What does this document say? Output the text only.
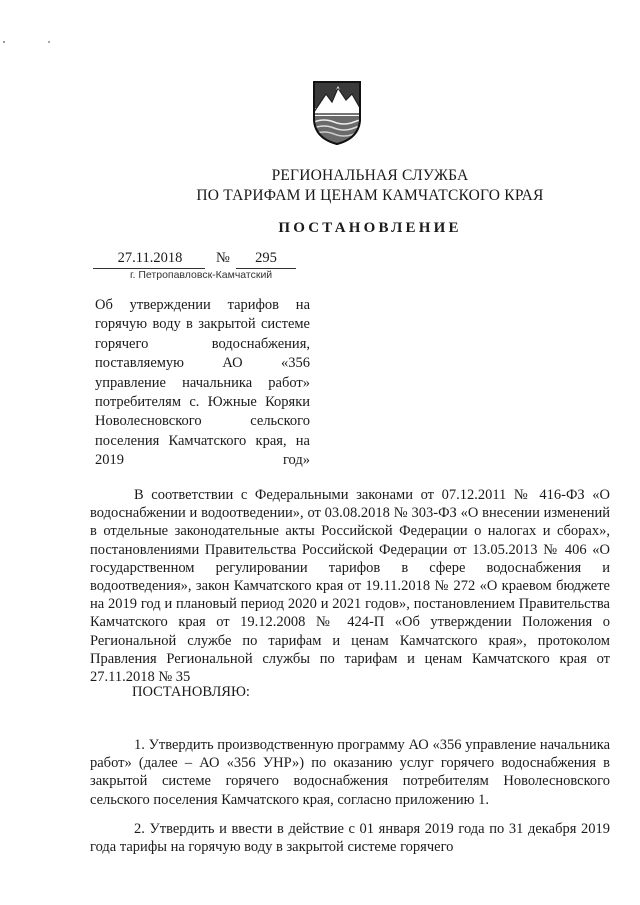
РЕГИОНАЛЬНАЯ СЛУЖБА
ПО ТАРИФАМ И ЦЕНАМ КАМЧАТСКОГО КРАЯ
ПОСТАНОВЛЕНИЕ
27.11.2018	№	295
г. Петропавловск-Камчатский
Об утверждении тарифов на горячую воду в закрытой системе горячего водоснабжения, поставляемую АО «356 управление начальника работ» потребителям с. Южные Коряки Новолесновского сельского поселения Камчатского края, на 2019 год»
В соответствии с Федеральными законами от 07.12.2011 № 416-ФЗ «О водоснабжении и водоотведении», от 03.08.2018 № 303-ФЗ «О внесении изменений в отдельные законодательные акты Российской Федерации о налогах и сборах», постановлениями Правительства Российской Федерации от 13.05.2013 № 406 «О государственном регулировании тарифов в сфере водоснабжения и водоотведения», закон Камчатского края от 19.11.2018 № 272 «О краевом бюджете на 2019 год и плановый период 2020 и 2021 годов», постановлением Правительства Камчатского края от 19.12.2008 № 424-П «Об утверждении Положения о Региональной службе по тарифам и ценам Камчатского края», протоколом Правления Региональной службы по тарифам и ценам Камчатского края от 27.11.2018 № 35
ПОСТАНОВЛЯЮ:
1. Утвердить производственную программу АО «356 управление начальника работ» (далее – АО «356 УНР») по оказанию услуг горячего водоснабжения в закрытой системе горячего водоснабжения потребителям Новолесновского сельского поселения Камчатского края, согласно приложению 1.
2. Утвердить и ввести в действие с 01 января 2019 года по 31 декабря 2019 года тарифы на горячую воду в закрытой системе горячего
